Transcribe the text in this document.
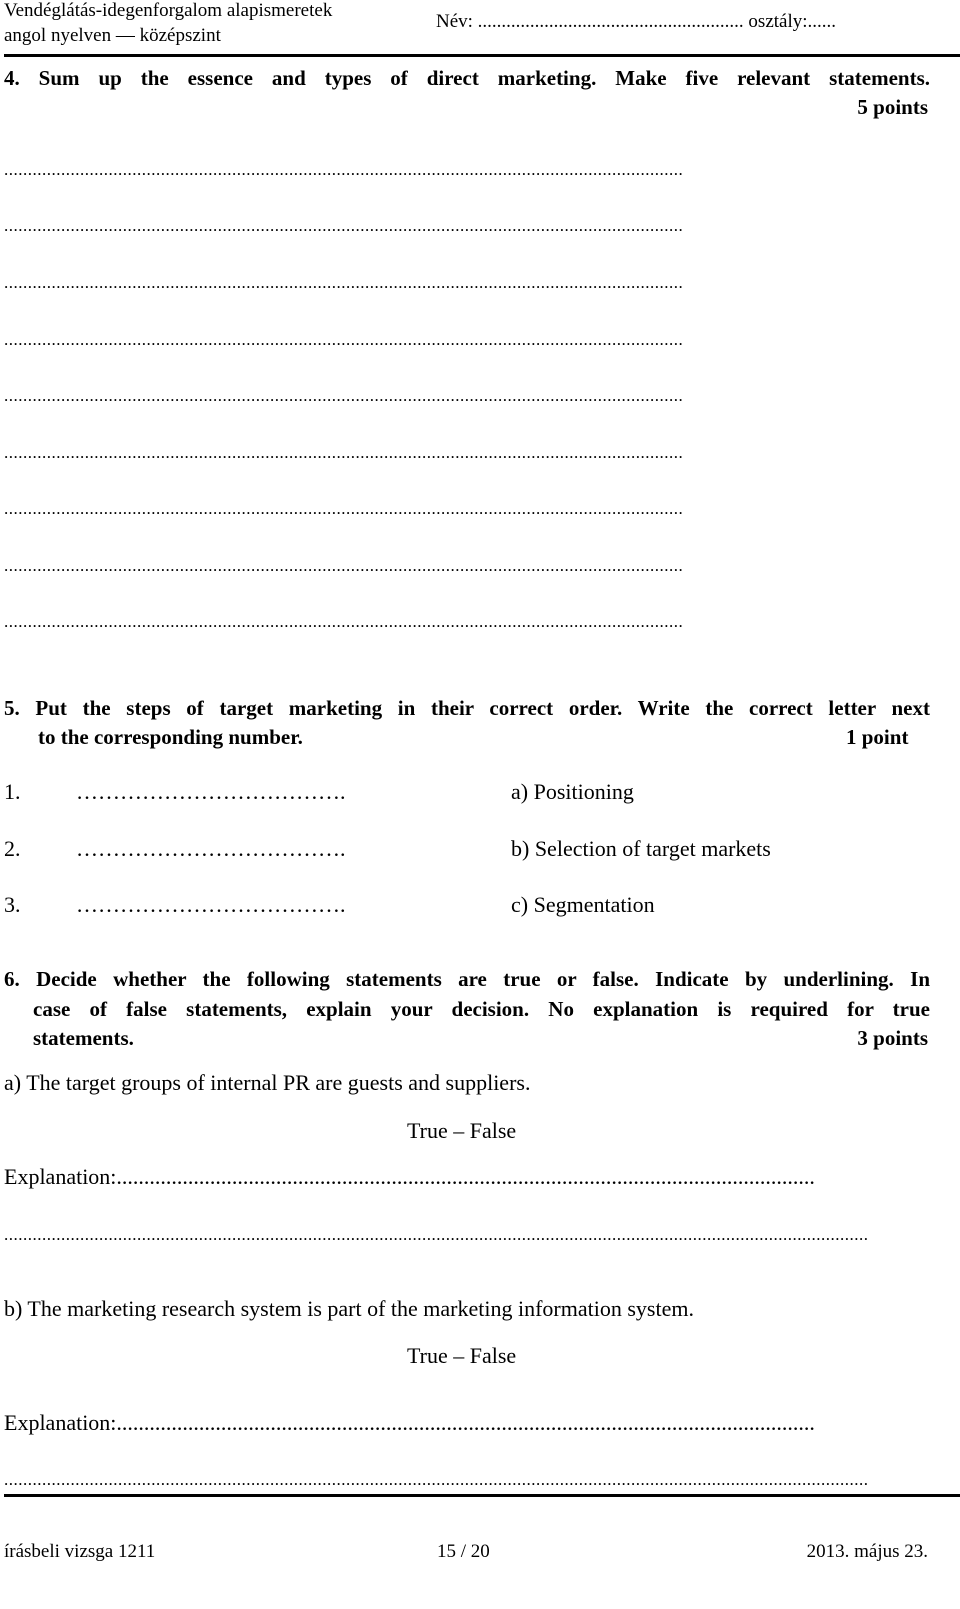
Vendéglátás-idegenforgalom alapismeretek
angol nyelven — középszint
Név: ........................................................ osztály:......
4. Sum up the essence and types of direct marketing. Make five relevant statements.
5 points
...............................................................................................................................................
...............................................................................................................................................
...............................................................................................................................................
...............................................................................................................................................
...............................................................................................................................................
...............................................................................................................................................
...............................................................................................................................................
...............................................................................................................................................
...............................................................................................................................................
5. Put the steps of target marketing in their correct order. Write the correct letter next
to the corresponding number.	1 point
1.	……………………………….	a) Positioning
2.	……………………………….	b) Selection of target markets
3.	……………………………….	c) Segmentation
6. Decide whether the following statements are true or false. Indicate by underlining. In
case of false statements, explain your decision. No explanation is required for true
statements.	3 points
a) The target groups of internal PR are guests and suppliers.
True – False
Explanation:...............................................................................................................................
......................................................................................................................................................................................
b) The marketing research system is part of the marketing information system.
True – False
Explanation:...............................................................................................................................
......................................................................................................................................................................................
írásbeli vizsga 1211	15 / 20	2013. május 23.
